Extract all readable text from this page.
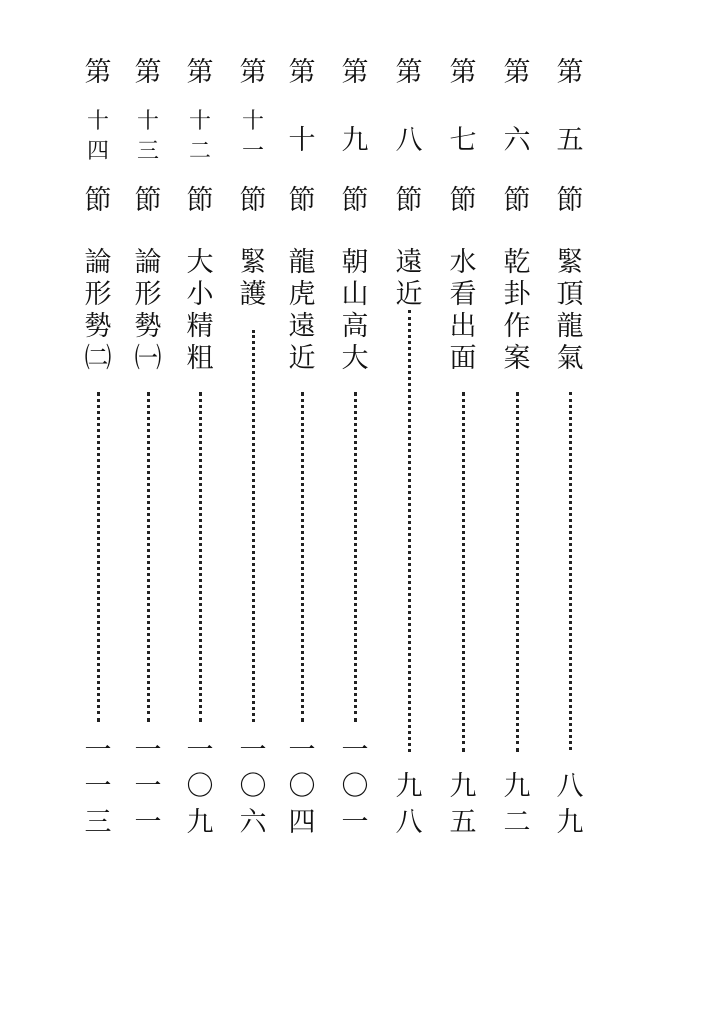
第
五
節
緊
頂
龍
氣
八
九
第
六
節
乾
卦
作
案
九
二
第
七
節
水
看
出
面
九
五
第
八
節
遠
近
九
八
第
九
節
朝
山
高
大
一
〇
一
第
十
節
龍
虎
遠
近
一
〇
四
第
十
一
節
緊
護
一
〇
六
第
十
二
節
大
小
精
粗
一
〇
九
第
十
三
節
論
形
勢
㈠
一
一
一
第
十
四
節
論
形
勢
㈡
一
一
三
